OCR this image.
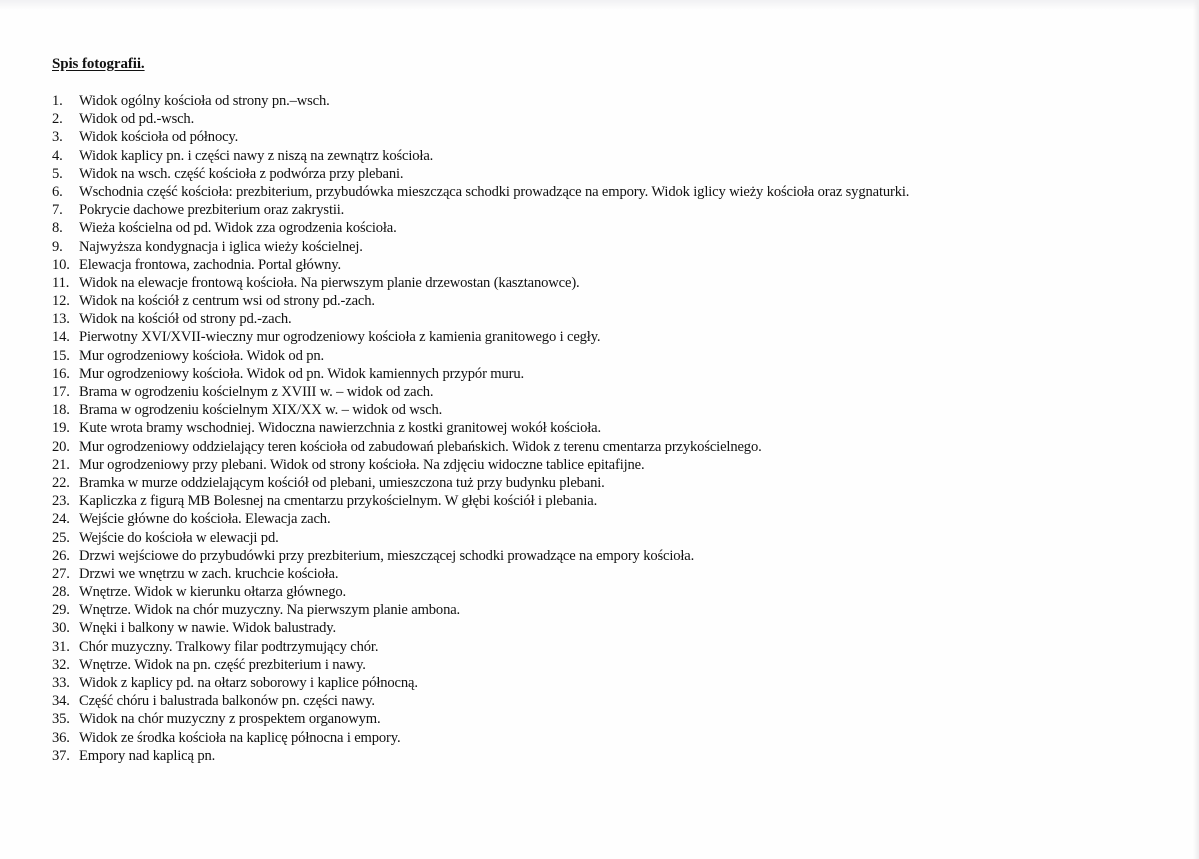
Spis fotografii.
1. Widok ogólny kościoła od strony pn.–wsch.
2. Widok od pd.-wsch.
3. Widok kościoła od północy.
4. Widok kaplicy pn. i części nawy z niszą na zewnątrz kościoła.
5. Widok na wsch. część kościoła z podwórza przy plebani.
6. Wschodnia część kościoła: prezbiterium, przybudówka mieszcząca schodki prowadzące na empory. Widok iglicy wieży kościoła oraz sygnaturki.
7. Pokrycie dachowe prezbiterium oraz zakrystii.
8. Wieża kościelna od pd. Widok zza ogrodzenia kościoła.
9. Najwyższa kondygnacja i iglica wieży kościelnej.
10. Elewacja frontowa, zachodnia. Portal główny.
11. Widok na elewacje frontową kościoła. Na pierwszym planie drzewostan (kasztanowce).
12. Widok na kościół z centrum wsi od strony pd.-zach.
13. Widok na kościół od strony pd.-zach.
14. Pierwotny XVI/XVII-wieczny mur ogrodzeniowy kościoła z kamienia granitowego i cegły.
15. Mur ogrodzeniowy kościoła. Widok od pn.
16. Mur ogrodzeniowy kościoła. Widok od pn. Widok kamiennych przypór muru.
17. Brama w ogrodzeniu kościelnym z XVIII w. – widok od zach.
18. Brama w ogrodzeniu kościelnym XIX/XX w. – widok od wsch.
19. Kute wrota bramy wschodniej. Widoczna nawierzchnia z kostki granitowej wokół kościoła.
20. Mur ogrodzeniowy oddzielający teren kościoła od zabudowań plebańskich. Widok z terenu cmentarza przykościelnego.
21. Mur ogrodzeniowy przy plebani. Widok od strony kościoła. Na zdjęciu widoczne tablice epitafijne.
22. Bramka w murze oddzielającym kościół od plebani, umieszczona tuż przy budynku plebani.
23. Kapliczka z figurą MB Bolesnej na cmentarzu przykościelnym. W głębi kościół i plebania.
24. Wejście główne do kościoła. Elewacja zach.
25. Wejście do kościoła w elewacji pd.
26. Drzwi wejściowe do przybudówki przy prezbiterium, mieszczącej schodki prowadzące na empory kościoła.
27. Drzwi we wnętrzu w zach. kruchcie kościoła.
28. Wnętrze. Widok w kierunku ołtarza głównego.
29. Wnętrze. Widok na chór muzyczny. Na pierwszym planie ambona.
30. Wnęki i balkony w nawie. Widok balustrady.
31. Chór muzyczny. Tralkowy filar podtrzymujący chór.
32. Wnętrze. Widok na pn. część prezbiterium i nawy.
33. Widok z kaplicy pd. na ołtarz soborowy i kaplice północną.
34. Część chóru i balustrada balkonów pn. części nawy.
35. Widok na chór muzyczny z prospektem organowym.
36. Widok ze środka kościoła na kaplicę północna i empory.
37. Empory nad kaplicą pn.
